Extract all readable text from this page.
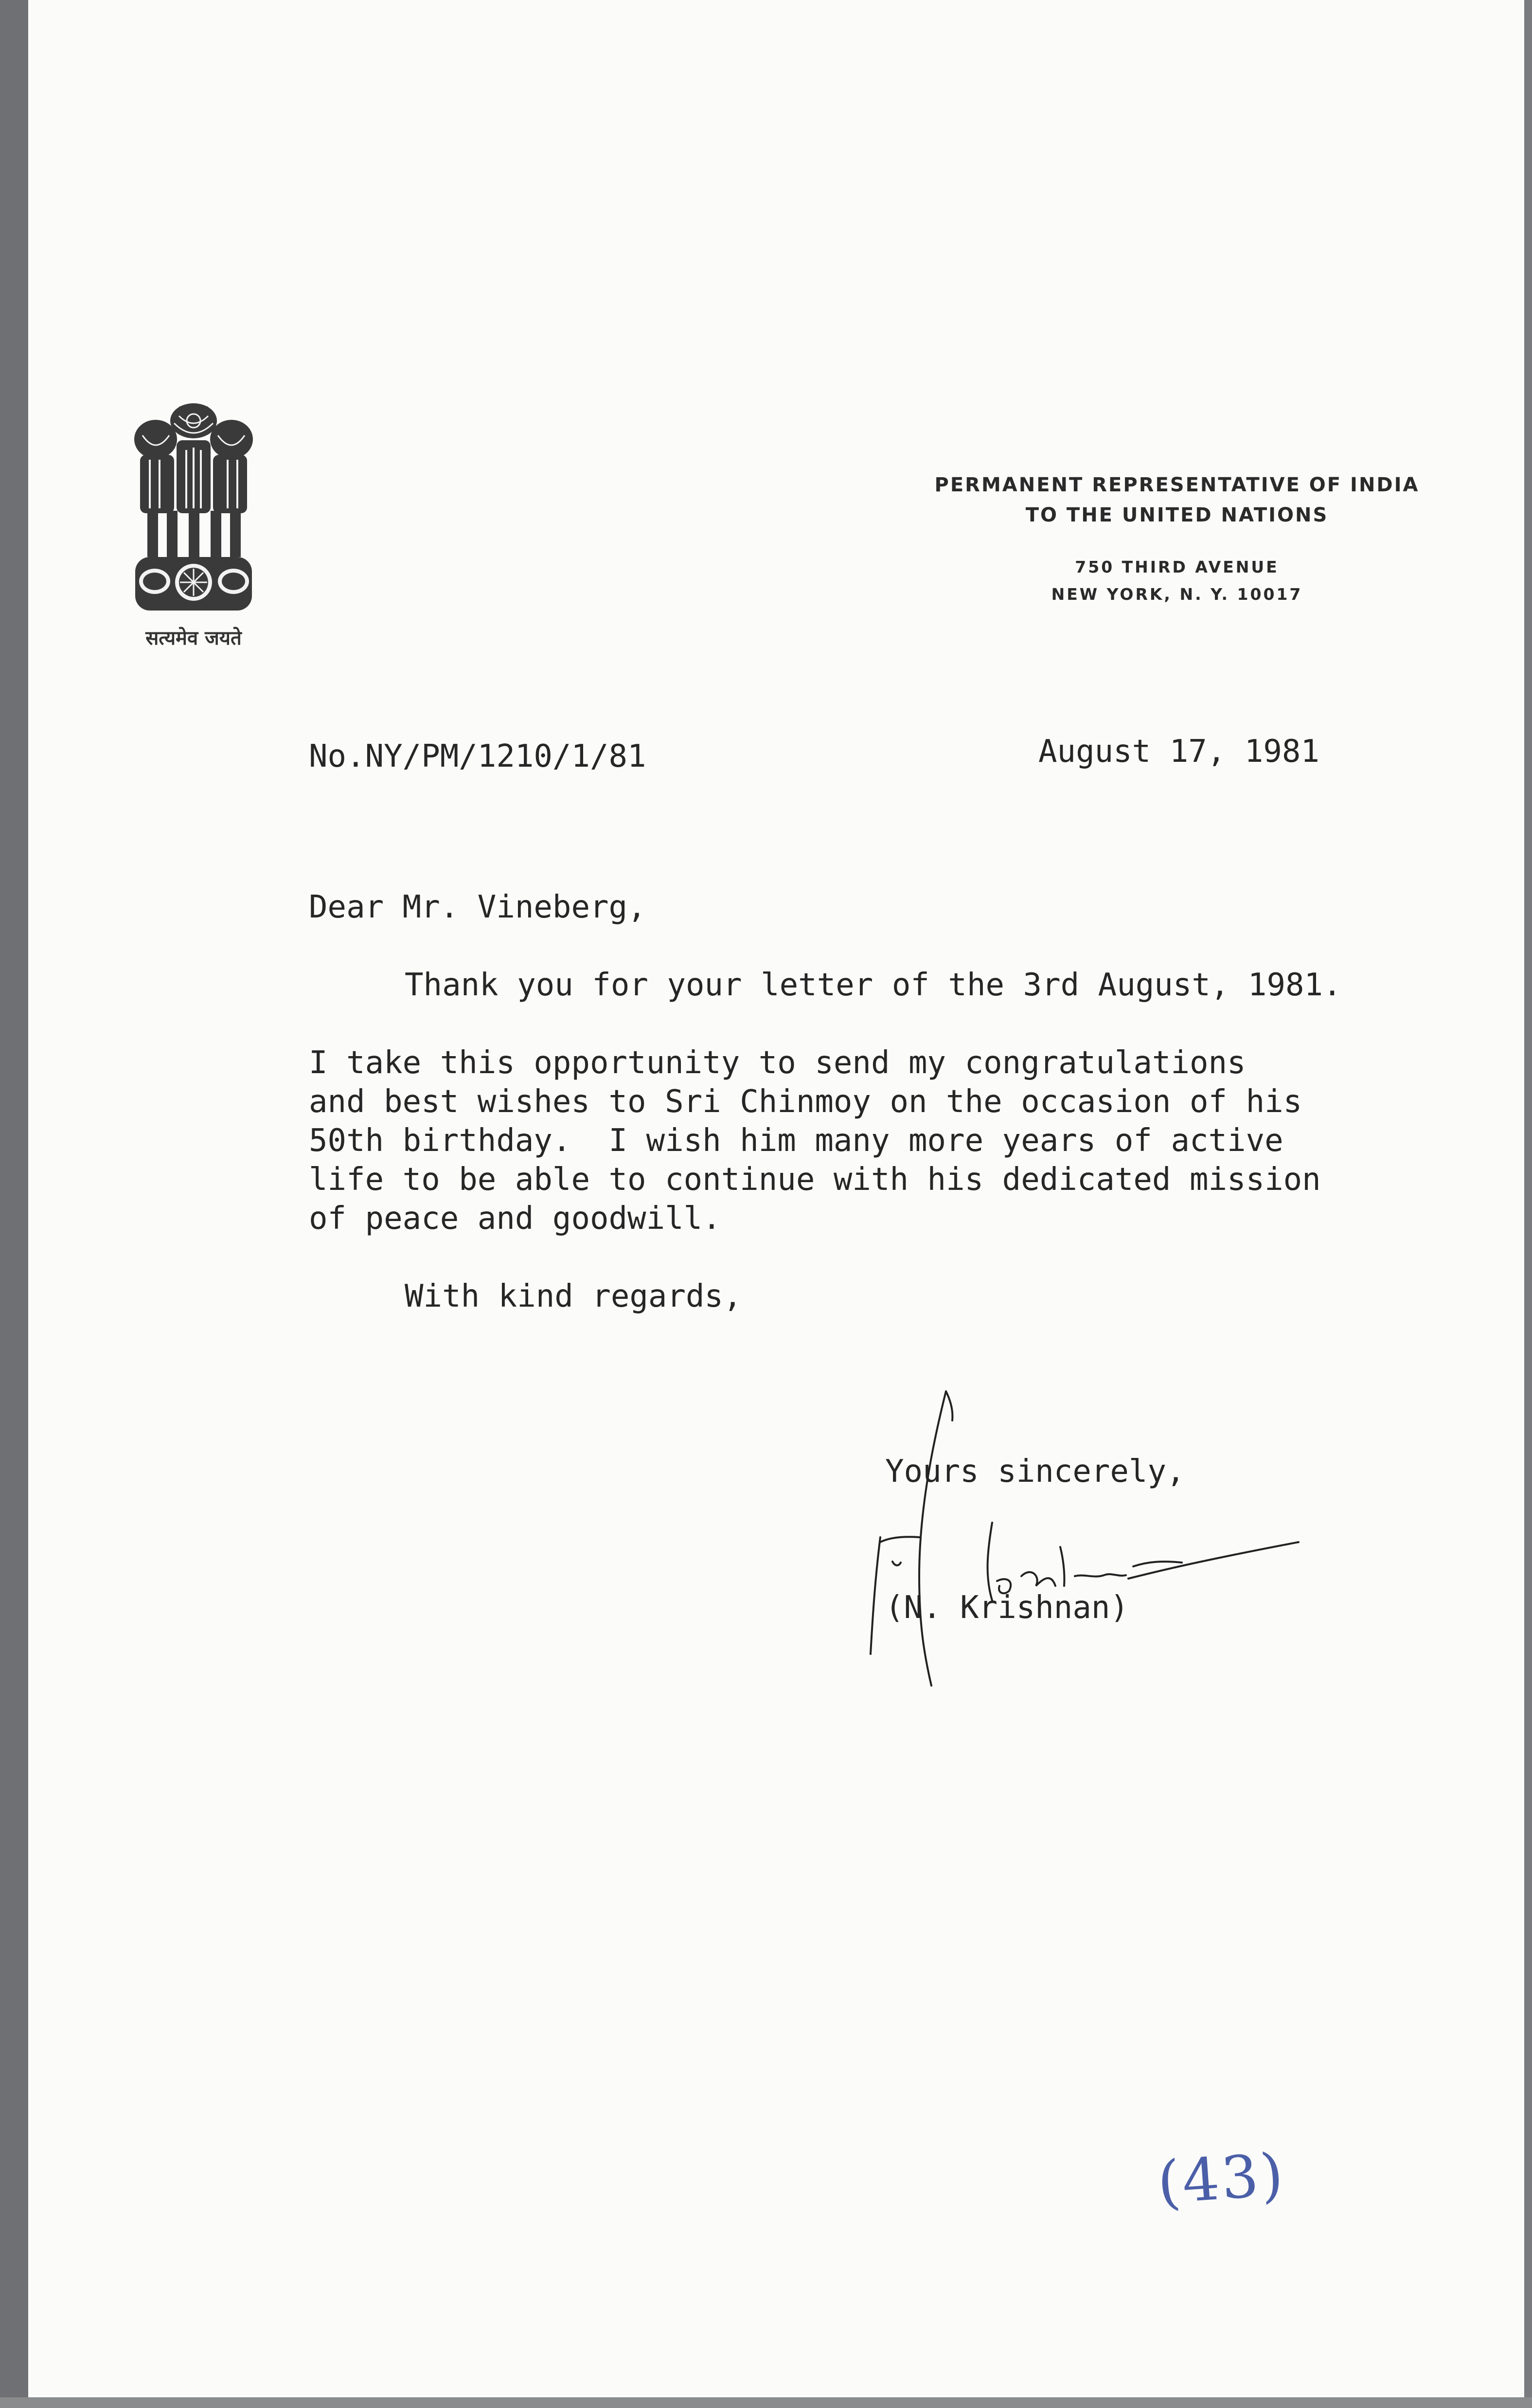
सत्यमेव जयते
PERMANENT REPRESENTATIVE OF INDIA
TO THE UNITED NATIONS
750 THIRD AVENUE
NEW YORK, N. Y. 10017
No.NY/PM/1210/1/81	August 17, 1981
Dear Mr. Vineberg,
Thank you for your letter of the 3rd August, 1981.
I take this opportunity to send my congratulations
and best wishes to Sri Chinmoy on the occasion of his
50th birthday.  I wish him many more years of active
life to be able to continue with his dedicated mission
of peace and goodwill.
With kind regards,
Yours sincerely,
(N. Krishnan)
(43)
